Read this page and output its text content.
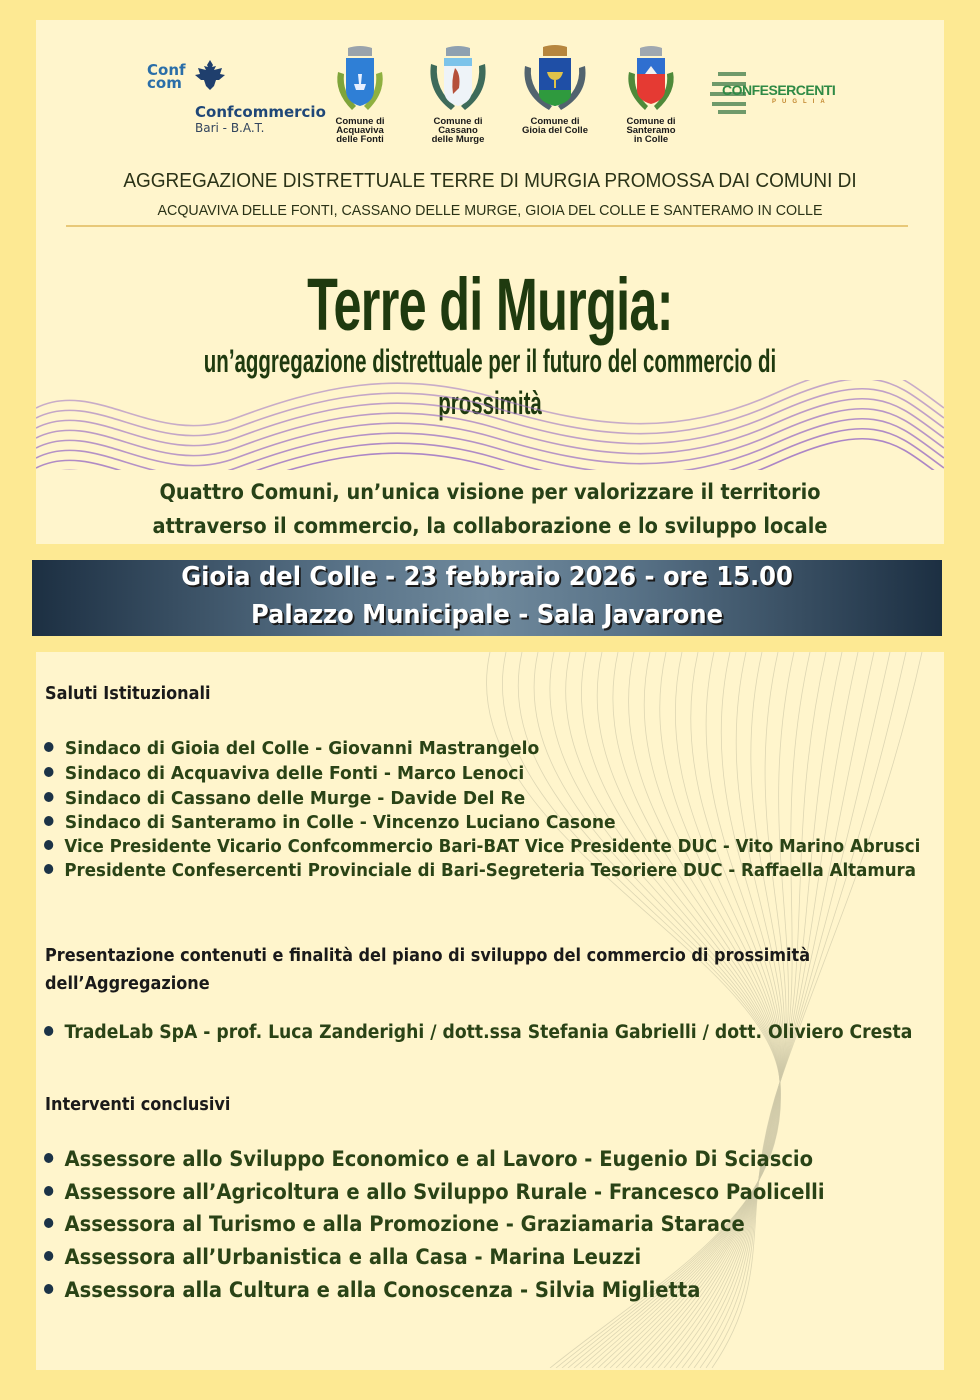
Conf
com
Confcommercio
Bari - B.A.T.	Comune di
Acquaviva
delle Fonti
Comune di
Cassano
delle Murge
Comune di
Gioia del Colle
Comune di
Santeramo
in Colle
CONFESERCENTI
PUGLIA
AGGREGAZIONE DISTRETTUALE TERRE DI MURGIA PROMOSSA DAI COMUNI DI
ACQUAVIVA DELLE FONTI, CASSANO DELLE MURGE, GIOIA DEL COLLE E SANTERAMO IN COLLE
Terre di Murgia:
un’aggregazione distrettuale per il futuro del commercio di prossimità
Quattro Comuni, un’unica visione per valorizzare il territorio
attraverso il commercio, la collaborazione e lo sviluppo locale
Gioia del Colle - 23 febbraio 2026 - ore 15.00
Palazzo Municipale - Sala Javarone
Saluti Istituzionali
Sindaco di Gioia del Colle - Giovanni Mastrangelo
Sindaco di Acquaviva delle Fonti - Marco Lenoci
Sindaco di Cassano delle Murge - Davide Del Re
Sindaco di Santeramo in Colle - Vincenzo Luciano Casone
Vice Presidente Vicario Confcommercio Bari-BAT Vice Presidente DUC - Vito Marino Abrusci
Presidente Confesercenti Provinciale di Bari-Segreteria Tesoriere DUC - Raffaella Altamura
Presentazione contenuti e finalità del piano di sviluppo del commercio di prossimità
dell’Aggregazione
TradeLab SpA - prof. Luca Zanderighi / dott.ssa Stefania Gabrielli / dott. Oliviero Cresta
Interventi conclusivi
Assessore allo Sviluppo Economico e al Lavoro - Eugenio Di Sciascio
Assessore all’Agricoltura e allo Sviluppo Rurale - Francesco Paolicelli
Assessora al Turismo e alla Promozione - Graziamaria Starace
Assessora all’Urbanistica e alla Casa - Marina Leuzzi
Assessora alla Cultura e alla Conoscenza - Silvia Miglietta
